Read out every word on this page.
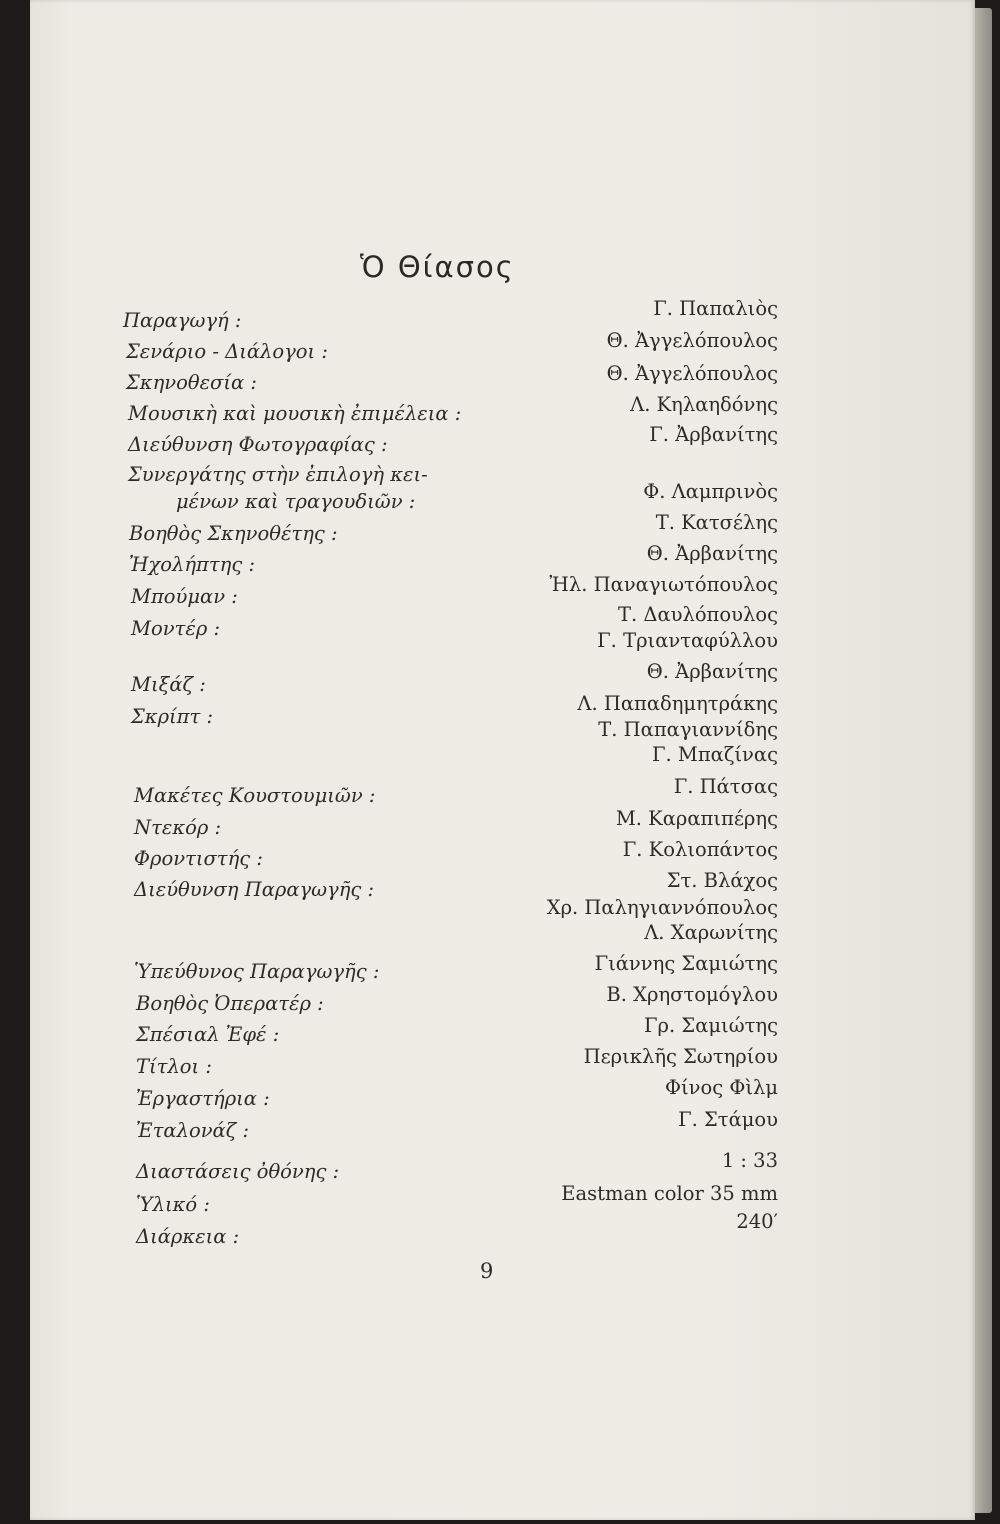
Ὁ Θίασος
Παραγωγή :
Σενάριο - Διάλογοι :
Σκηνοθεσία :
Μουσικὴ καὶ μουσικὴ ἐπιμέλεια :
Διεύθυνση Φωτογραφίας :
Συνεργάτης στὴν ἐπιλογὴ κει-
μένων καὶ τραγουδιῶν :
Βοηθὸς Σκηνοθέτης :
Ἠχολήπτης :
Μπούμαν :
Μοντέρ :
Μιξάζ :
Σκρίπτ :
Μακέτες Κουστουμιῶν :
Ντεκόρ :
Φροντιστής :
Διεύθυνση Παραγωγῆς :
Ὑπεύθυνος Παραγωγῆς :
Βοηθὸς Ὀπερατέρ :
Σπέσιαλ Ἐφέ :
Τίτλοι :
Ἐργαστήρια :
Ἐταλονάζ :
Διαστάσεις ὀθόνης :
Ὑλικό :
Διάρκεια :
Γ. Παπαλιὸς
Θ. Ἀγγελόπουλος
Θ. Ἀγγελόπουλος
Λ. Κηλαηδόνης
Γ. Ἀρβανίτης
Φ. Λαμπρινὸς
Τ. Κατσέλης
Θ. Ἀρβανίτης
Ἠλ. Παναγιωτόπουλος
Τ. Δαυλόπουλος
Γ. Τριανταφύλλου
Θ. Ἀρβανίτης
Λ. Παπαδημητράκης
Τ. Παπαγιαννίδης
Γ. Μπαζίνας
Γ. Πάτσας
Μ. Καραπιπέρης
Γ. Κολιοπάντος
Στ. Βλάχος
Χρ. Παληγιαννόπουλος
Λ. Χαρωνίτης
Γιάννης Σαμιώτης
Β. Χρηστομόγλου
Γρ. Σαμιώτης
Περικλῆς Σωτηρίου
Φίνος Φὶλμ
Γ. Στάμου
1 : 33
Eastman color 35 mm
240′
9
